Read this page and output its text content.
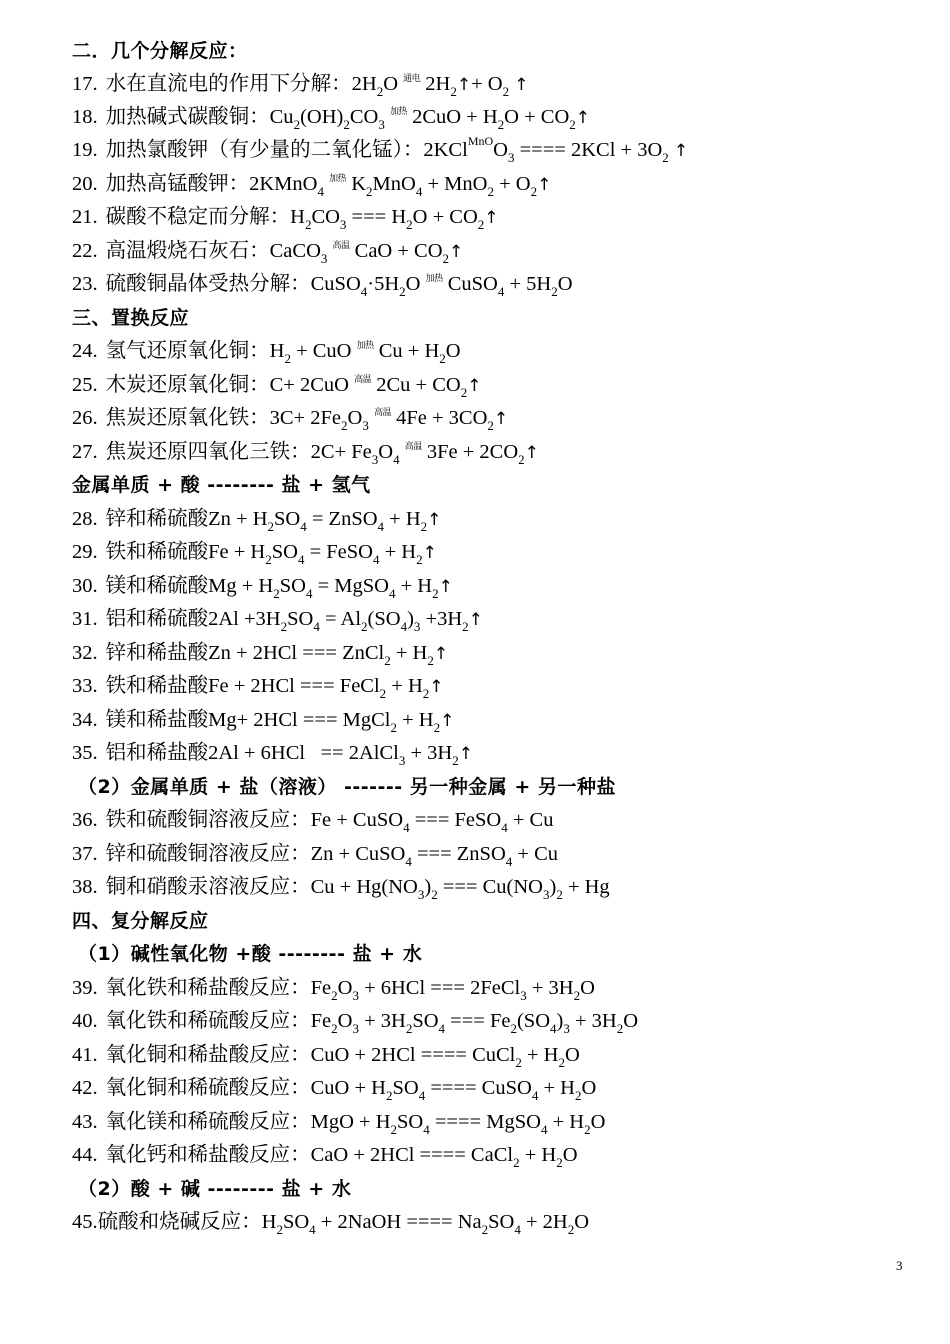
二．几个分解反应：
17. 水在直流电的作用下分解：$2H_2O$ $^{通电}$ $2H_2↑+ O_2$ ↑
18. 加热碱式碳酸铜：$Cu_2(OH)_2CO_3$ $^{加热}$ $2CuO + H_2O$ + $CO_2↑$
19. 加热氯酸钾（有少量的二氧化锰）：$2KCl^{MnO}O_3$ ==== $2KCl + 3O_2$ ↑
20. 加热高锰酸钾：2KMnO$_4$ $^{加热}$ $K_2MnO_4 + MnO_2$ + $O_2↑$
21. 碳酸不稳定而分解：$H_2CO_3$ === $H_2O$ + $CO_2↑$
22. 高温煅烧石灰石：CaCO$_3$ $^{高温}$ CaO + $CO_2↑$
23. 硫酸铜晶体受热分解：$CuSO_4\cdot 5H_2O$ $^{加热}$ CuSO$_4$ + $5H_2O$
三、置换反应
24. 氢气还原氧化铜：$H_2$ + CuO $^{加热}$ $Cu + H_2O$
25. 木炭还原氧化铜：C+ 2CuO $^{高温}$ $2Cu + CO_2↑$
26. 焦炭还原氧化铁：$3C+ 2Fe_2O_3$ $^{高温}$ $4Fe + 3CO_2↑$
27. 焦炭还原四氧化三铁：$2C+ Fe_3O_4$ $^{高温}$ $3Fe + 2CO_2↑$
金属单质 + 酸 -------- 盐 + 氢气
28. 锌和稀硫酸$Zn + H_2SO_4$ = ZnSO$_4$ + $H_2↑$
29. 铁和稀硫酸$Fe + H_2SO_4$ = FeSO$_4$ + $H_2↑$
30. 镁和稀硫酸$Mg + H_2SO_4$ = MgSO$_4$ + $H_2↑$
31. 铝和稀硫酸$2Al +3H_2SO_4 = Al_2(SO_4)_3$ $+3H_2↑$
32. 锌和稀盐酸Zn + 2HCl === ZnCl$_2$ + $H_2↑$
33. 铁和稀盐酸Fe + 2HCl === FeCl$_2$ + $H_2↑$
34. 镁和稀盐酸Mg+ 2HCl === MgCl$_2$ + $H_2↑$
35. 铝和稀盐酸2Al + 6HCl   == 2AlCl$_3$ + $3H_2↑$
（2）金属单质 + 盐（溶液） ------- 另一种金属 + 另一种盐
36. 铁和硫酸铜溶液反应：Fe + CuSO$_4$ === FeSO$_4$ + Cu
37. 锌和硫酸铜溶液反应：Zn + CuSO$_4$ === ZnSO$_4$ + Cu
38. 铜和硝酸汞溶液反应：$Cu + Hg(NO_3)_2$ === $Cu(NO_3)_2 + Hg$
四、复分解反应
（1）碱性氧化物 +酸 -------- 盐 + 水
39. 氧化铁和稀盐酸反应：$Fe_2O_3 + 6HCl$ === 2FeCl$_3$ + $3H_2O$
40. 氧化铁和稀硫酸反应：$Fe_2O_3 + 3H_2SO_4$ === $Fe_2(SO_4)_3 + 3H_2O$
41. 氧化铜和稀盐酸反应：CuO + 2HCl ==== CuCl$_2$ + $H_2O$
42. 氧化铜和稀硫酸反应：CuO + $H_2SO_4$ ==== CuSO$_4$ + $H_2O$
43. 氧化镁和稀硫酸反应：MgO + $H_2SO_4$ ==== MgSO$_4$ + $H_2O$
44. 氧化钙和稀盐酸反应：CaO + 2HCl ==== CaCl$_2$ + $H_2O$
（2）酸 + 碱 -------- 盐 + 水
45.硫酸和烧碱反应：$H_2SO_4$ + 2NaOH ==== $Na_2SO_4 + 2H_2O$
3
